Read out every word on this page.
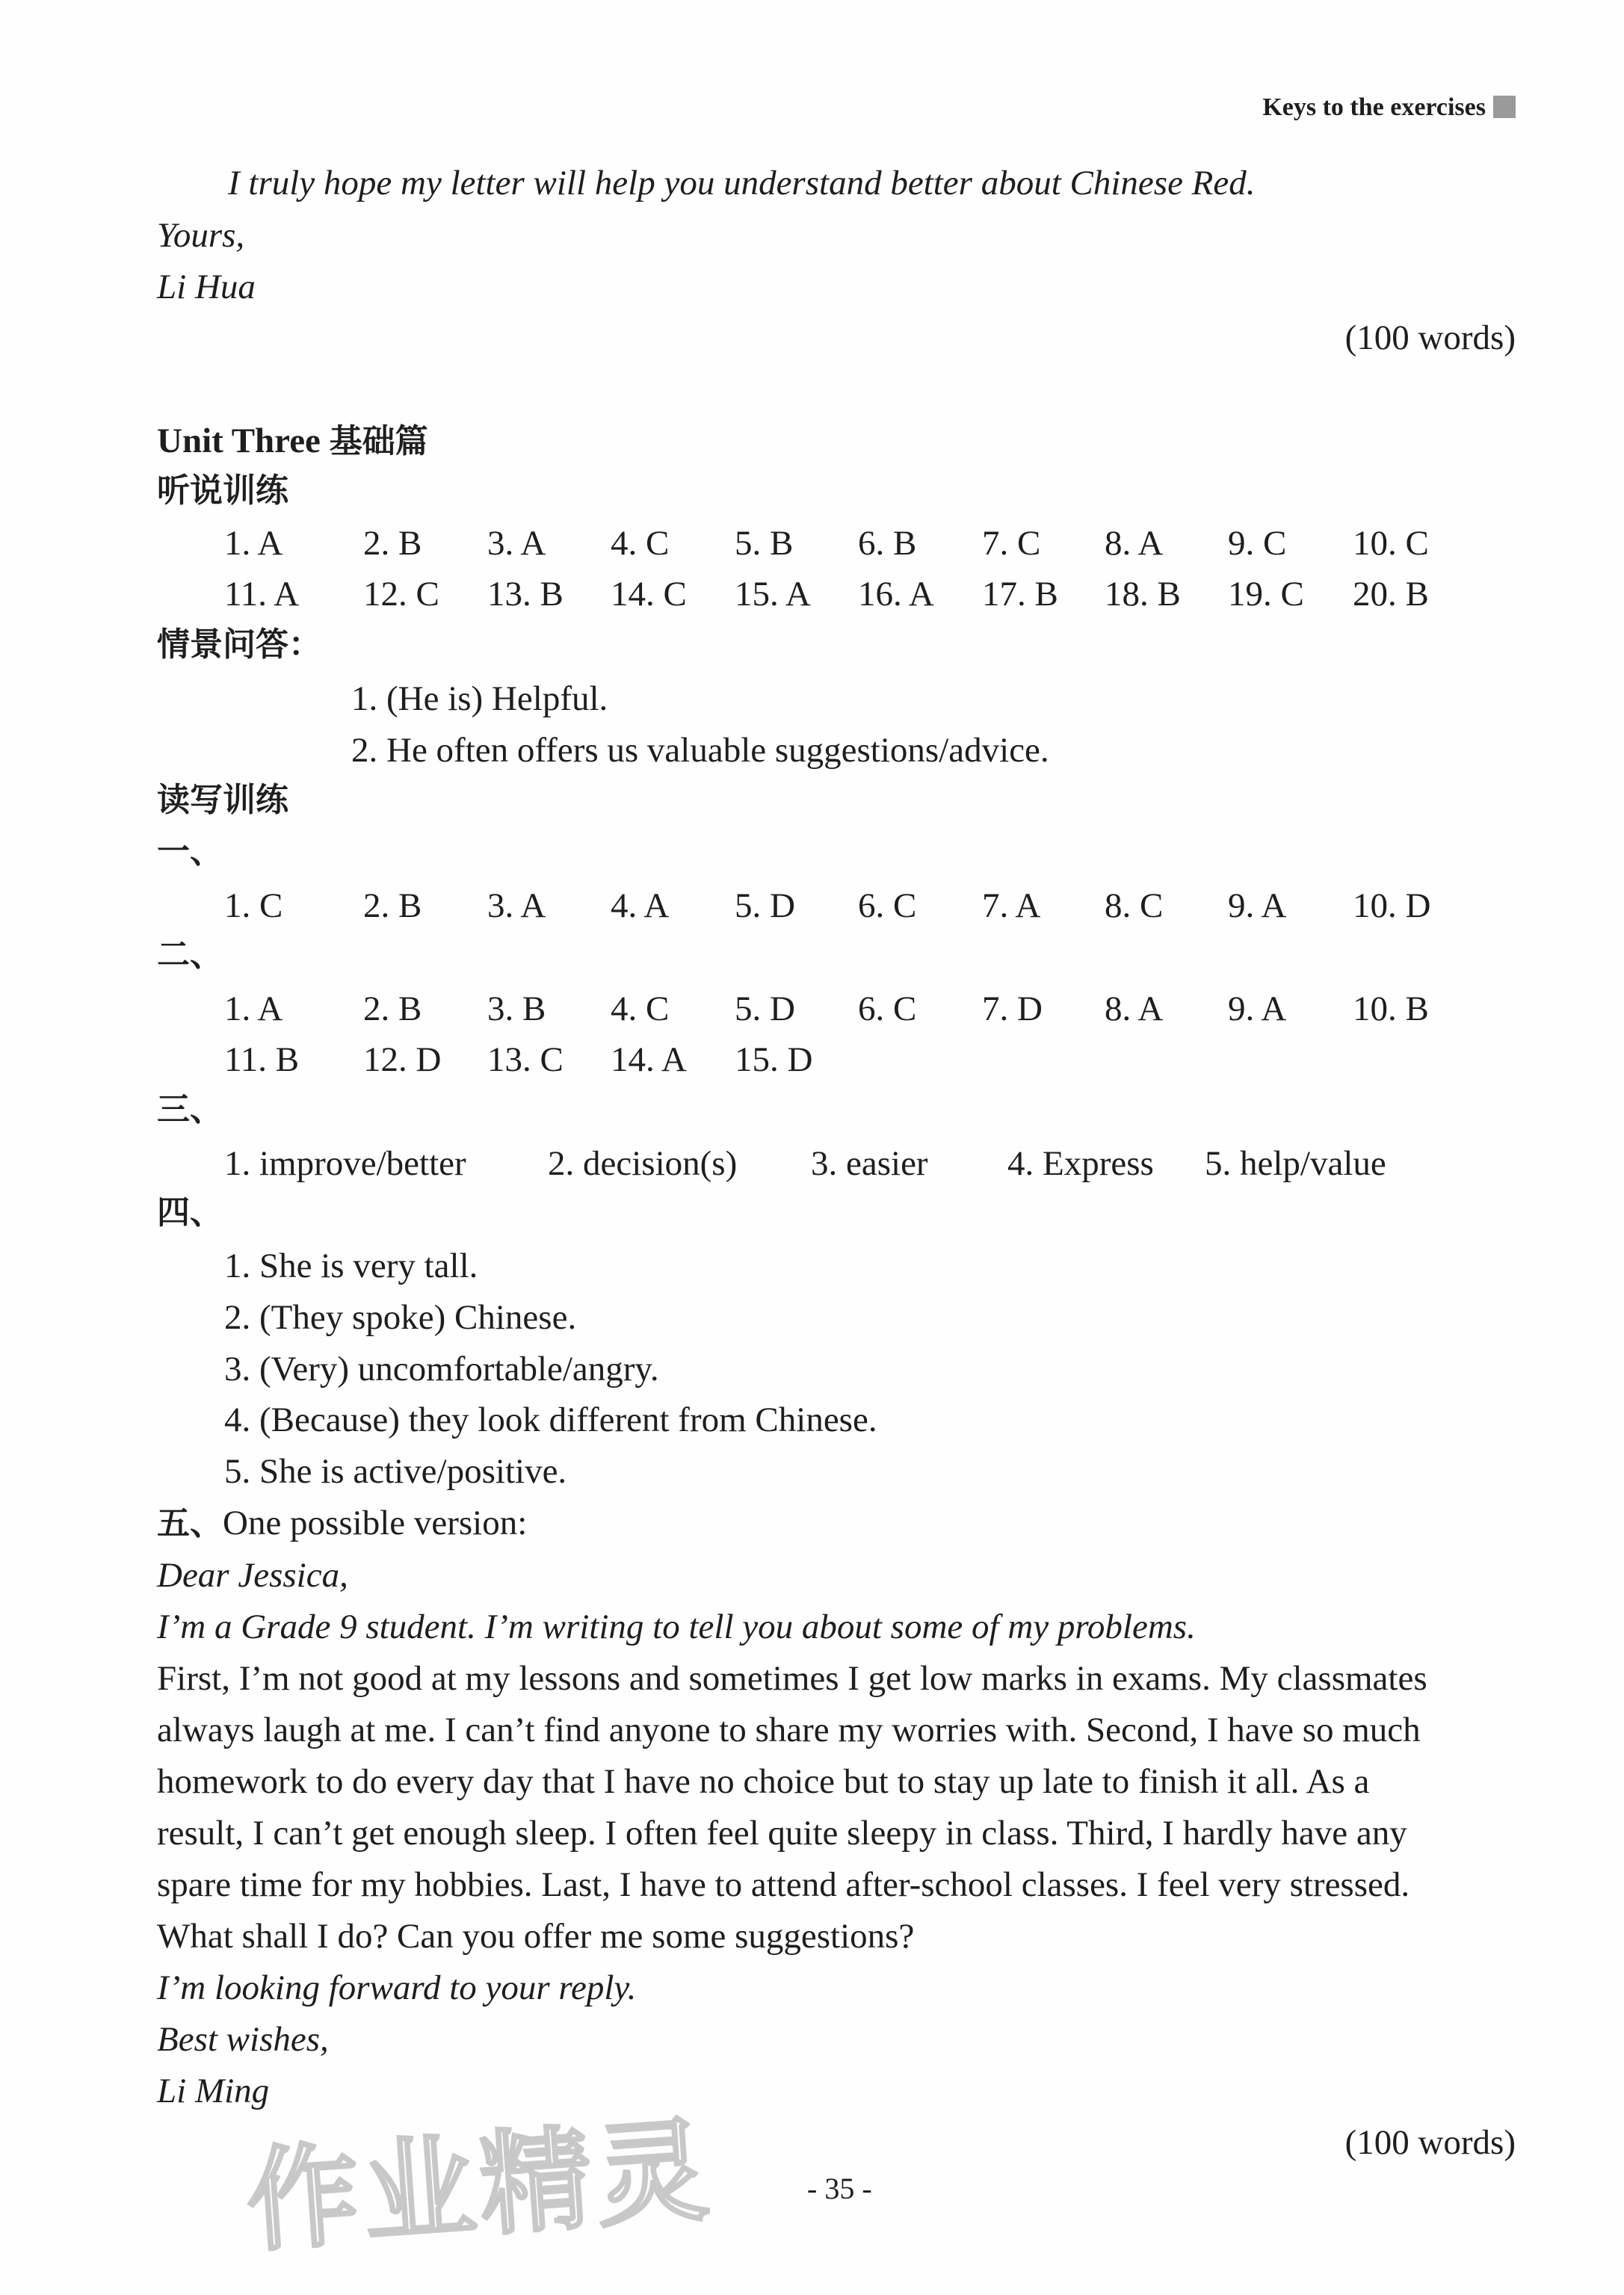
Keys to the exercises
I truly hope my letter will help you understand better about Chinese Red.
Yours,
Li Hua
(100 words)
Unit Three 基础篇
听说训练
1. A 2. B 3. A 4. C 5. B 6. B 7. C 8. A 9. C 10. C
11. A 12. C 13. B 14. C 15. A 16. A 17. B 18. B 19. C 20. B
情景问答：
1. (He is) Helpful.
2. He often offers us valuable suggestions/advice.
读写训练
一、
1. C 2. B 3. A 4. A 5. D 6. C 7. A 8. C 9. A 10. D
二、
1. A 2. B 3. B 4. C 5. D 6. C 7. D 8. A 9. A 10. B
11. B 12. D 13. C 14. A 15. D
三、
1. improve/better 2. decision(s) 3. easier 4. Express 5. help/value
四、
1. She is very tall.
2. (They spoke) Chinese.
3. (Very) uncomfortable/angry.
4. (Because) they look different from Chinese.
5. She is active/positive.
五、One possible version:
Dear Jessica,
I’m a Grade 9 student. I’m writing to tell you about some of my problems.
First, I’m not good at my lessons and sometimes I get low marks in exams. My classmates
always laugh at me. I can’t find anyone to share my worries with. Second, I have so much
homework to do every day that I have no choice but to stay up late to finish it all. As a
result, I can’t get enough sleep. I often feel quite sleepy in class. Third, I hardly have any
spare time for my hobbies. Last, I have to attend after-school classes. I feel very stressed.
What shall I do? Can you offer me some suggestions?
I’m looking forward to your reply.
Best wishes,
Li Ming
(100 words)
- 35 -
作业精灵
